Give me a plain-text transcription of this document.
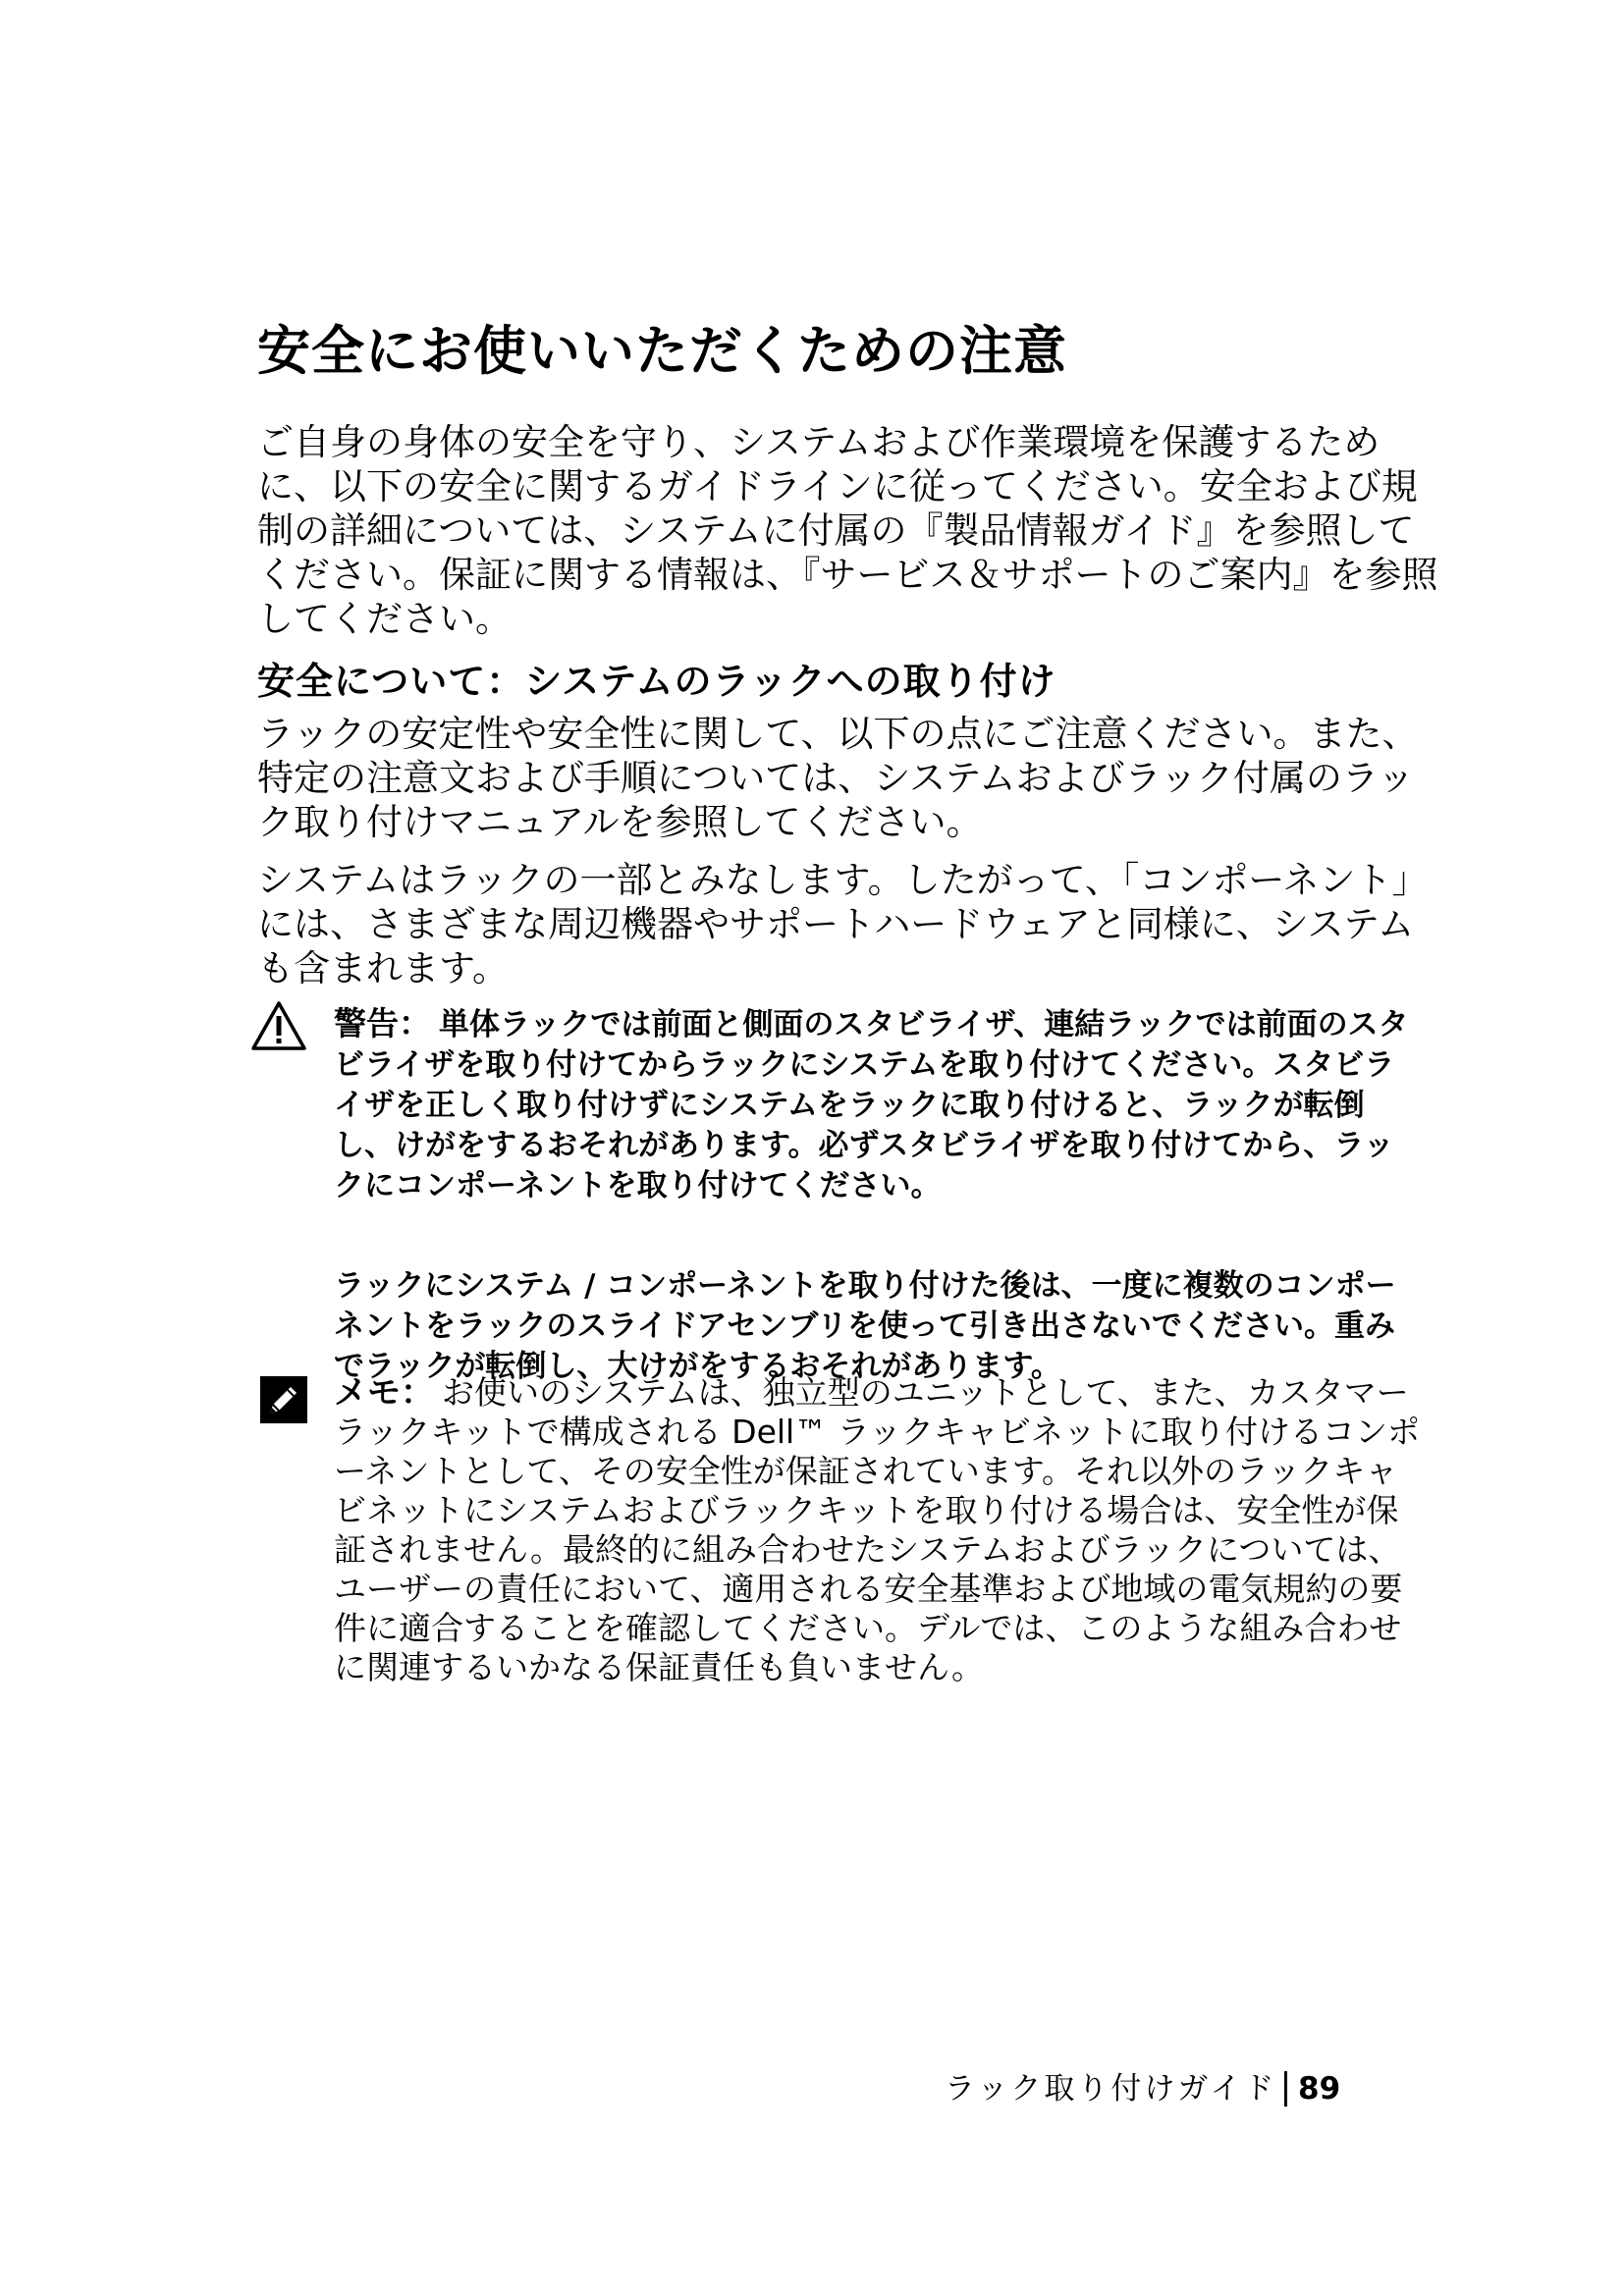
安全にお使いいただくための注意

ご自身の身体の安全を守り、システムおよび作業環境を保護するために、以下の安全に関するガイドラインに従ってください。安全および規制の詳細については、システムに付属の『製品情報ガイド』を参照してください。保証に関する情報は、『サービス＆サポートのご案内』を参照してください。

安全について：システムのラックへの取り付け

ラックの安定性や安全性に関して、以下の点にご注意ください。また、特定の注意文および手順については、システムおよびラック付属のラック取り付けマニュアルを参照してください。

システムはラックの一部とみなします。したがって、「コンポーネント」には、さまざまな周辺機器やサポートハードウェアと同様に、システムも含まれます。

警告： 単体ラックでは前面と側面のスタビライザ、連結ラックでは前面のスタビライザを取り付けてからラックにシステムを取り付けてください。スタビライザを正しく取り付けずにシステムをラックに取り付けると、ラックが転倒し、けがをするおそれがあります。必ずスタビライザを取り付けてから、ラックにコンポーネントを取り付けてください。
ラックにシステム / コンポーネントを取り付けた後は、一度に複数のコンポーネントをラックのスライドアセンブリを使って引き出さないでください。重みでラックが転倒し、大けがをするおそれがあります。
メモ： お使いのシステムは、独立型のユニットとして、また、カスタマーラックキットで構成される Dell™ ラックキャビネットに取り付けるコンポーネントとして、その安全性が保証されています。それ以外のラックキャビネットにシステムおよびラックキットを取り付ける場合は、安全性が保証されません。最終的に組み合わせたシステムおよびラックについては、ユーザーの責任において、適用される安全基準および地域の電気規約の要件に適合することを確認してください。デルでは、このような組み合わせに関連するいかなる保証責任も負いません。
ラック取り付けガイド 89
